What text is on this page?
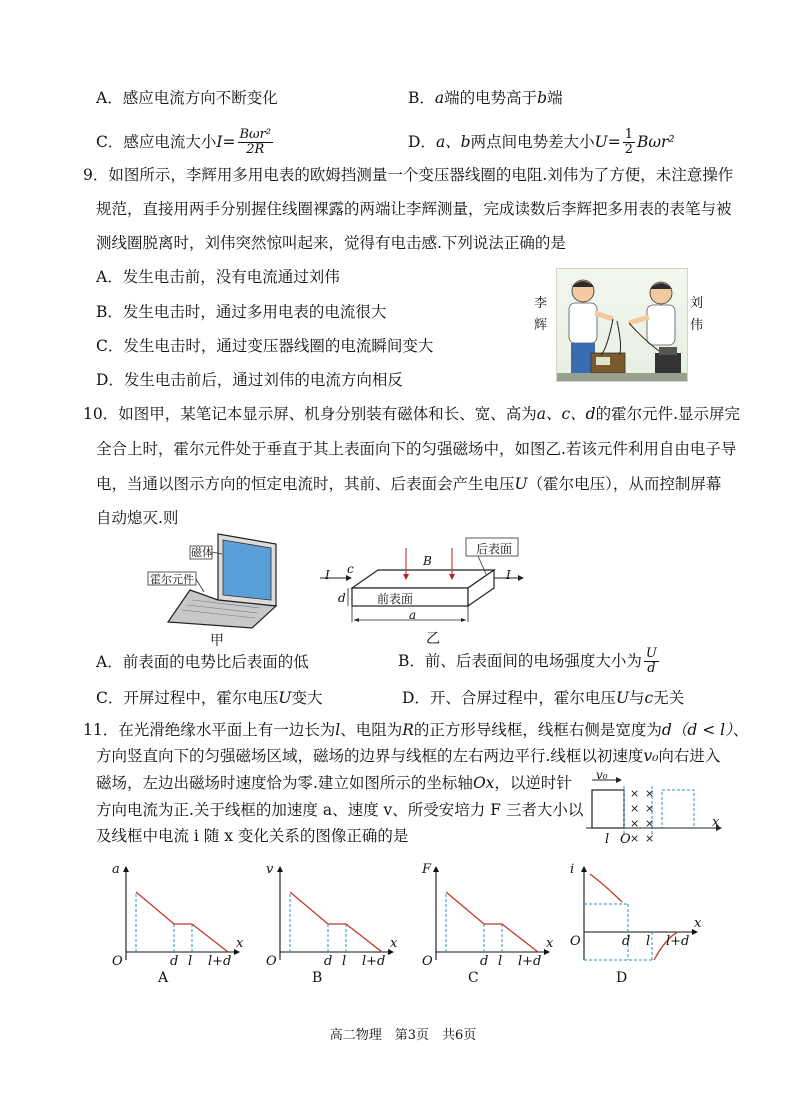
A．感应电流方向不断变化	B．a端的电势高于b端
C．感应电流大小 $I = \frac{\text{Bωr²}}{2R}$	D． a、b 两点间电势差大小 $U = \frac{1}{2} B\omega r^2$
9．如图所示，李辉用多用电表的欧姆挡测量一个变压器线圈的电阻.刘伟为了方便，未注意操作
规范，直接用两手分别握住线圈裸露的两端让李辉测量，完成读数后李辉把多用表的表笔与被
测线圈脱离时，刘伟突然惊叫起来，觉得有电击感.下列说法正确的是
A．发生电击前，没有电流通过刘伟
B．发生电击时，通过多用电表的电流很大
C．发生电击时，通过变压器线圈的电流瞬间变大
D．发生电击前后，通过刘伟的电流方向相反
李
辉
刘
伟
10．如图甲，某笔记本显示屏、机身分别装有磁体和长、宽、高为a、c、d的霍尔元件.显示屏完
全合上时，霍尔元件处于垂直于其上表面向下的匀强磁场中，如图乙.若该元件利用自由电子导
电，当通以图示方向的恒定电流时，其前、后表面会产生电压U（霍尔电压），从而控制屏幕
自动熄灭.则
磁体
霍尔元件
甲
B
后表面
前表面
I	I
c
d
a
乙
A．前表面的电势比后表面的低	B．前、后表面间的电场强度大小为 $\frac{U}{d}$
C．开屏过程中，霍尔电压U变大	D．开、合屏过程中，霍尔电压U与c无关
11．在光滑绝缘水平面上有一边长为l、电阻为R的正方形导线框，线框右侧是宽度为d（d < l）、
方向竖直向下的匀强磁场区域，磁场的边界与线框的左右两边平行.线框以初速度v₀向右进入
磁场，左边出磁场时速度恰为零.建立如图所示的坐标轴Ox，以逆时针
方向电流为正.关于线框的加速度 a、速度 v、所受安培力 F 三者大小以
及线框中电流 i 随 x 变化关系的图像正确的是
v₀
l O
x
×
×
×
×
×
×
×
×
a
O	d l l+d
x
A
v
O	d l l+d
x
B
F
O	d l l+d
x
C
i
O	d l l+d
x
D
高二物理　第3页　共6页
